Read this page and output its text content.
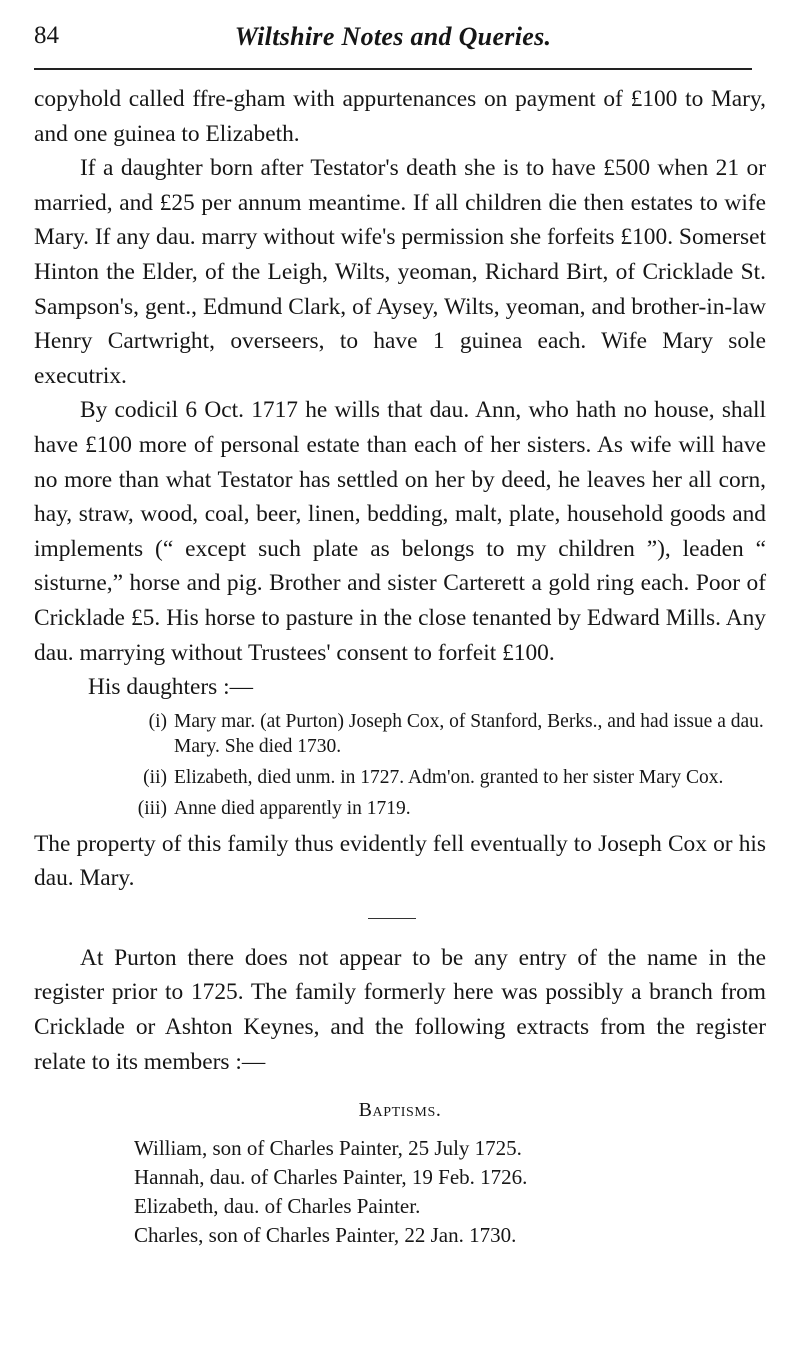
84	Wiltshire Notes and Queries.

copyhold called ffre-gham with appurtenances on payment of £100 to Mary, and one guinea to Elizabeth.

If a daughter born after Testator's death she is to have £500 when 21 or married, and £25 per annum meantime. If all children die then estates to wife Mary. If any dau. marry without wife's permission she forfeits £100. Somerset Hinton the Elder, of the Leigh, Wilts, yeoman, Richard Birt, of Cricklade St. Sampson's, gent., Edmund Clark, of Aysey, Wilts, yeoman, and brother-in-law Henry Cartwright, overseers, to have 1 guinea each. Wife Mary sole executrix.

By codicil 6 Oct. 1717 he wills that dau. Ann, who hath no house, shall have £100 more of personal estate than each of her sisters. As wife will have no more than what Testator has settled on her by deed, he leaves her all corn, hay, straw, wood, coal, beer, linen, bedding, malt, plate, household goods and implements (“ except such plate as belongs to my children ”), leaden “ sisturne,” horse and pig. Brother and sister Carterett a gold ring each. Poor of Cricklade £5. His horse to pasture in the close tenanted by Edward Mills. Any dau. marrying without Trustees' consent to forfeit £100.

His daughters :—

(i) Mary mar. (at Purton) Joseph Cox, of Stanford, Berks., and had issue a dau. Mary. She died 1730.
(ii) Elizabeth, died unm. in 1727. Adm'on. granted to her sister Mary Cox.
(iii) Anne died apparently in 1719.

The property of this family thus evidently fell eventually to Joseph Cox or his dau. Mary.

At Purton there does not appear to be any entry of the name in the register prior to 1725. The family formerly here was possibly a branch from Cricklade or Ashton Keynes, and the following extracts from the register relate to its members :—

Baptisms.
William, son of Charles Painter, 25 July 1725.
Hannah, dau. of Charles Painter, 19 Feb. 1726.
Elizabeth, dau. of Charles Painter.
Charles, son of Charles Painter, 22 Jan. 1730.
